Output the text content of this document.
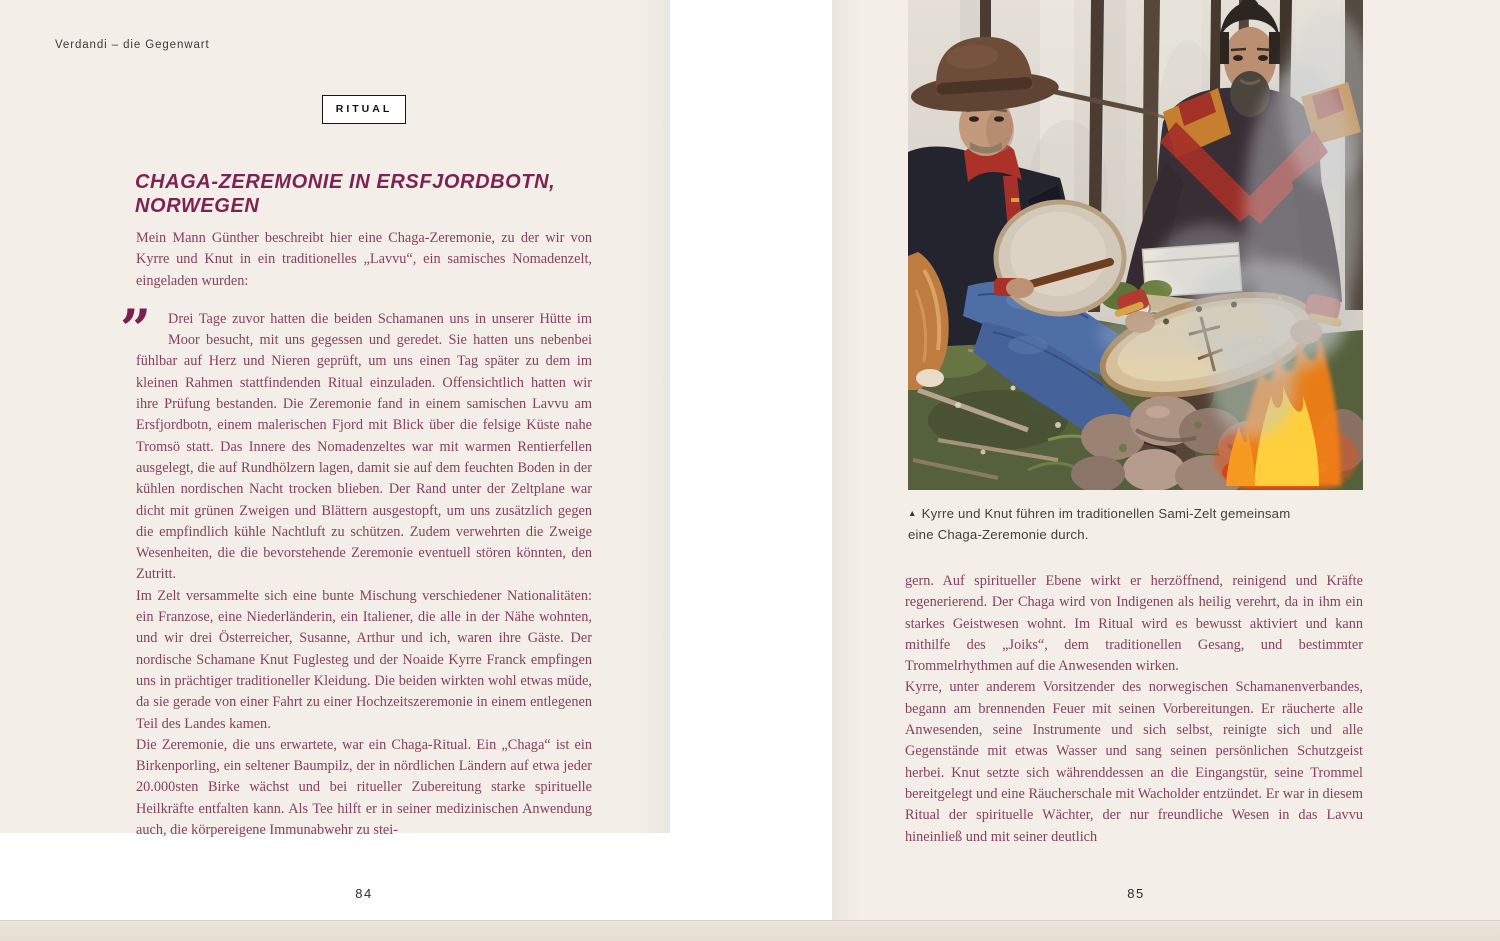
Verdandi – die Gegenwart
RITUAL
CHAGA-ZEREMONIE IN ERSFJORDBOTN, NORWEGEN

Mein Mann Günther beschreibt hier eine Chaga-Zeremonie, zu der wir von Kyrre und Knut in ein traditionelles „Lavvu“, ein samisches Nomadenzelt, eingeladen wurden:

”	Drei Tage zuvor hatten die beiden Schamanen uns in unserer Hütte im Moor besucht, mit uns gegessen und geredet. Sie hatten uns nebenbei fühlbar auf Herz und Nieren geprüft, um uns einen Tag später zu dem im kleinen Rahmen stattfindenden Ritual einzuladen. Offensichtlich hatten wir ihre Prüfung bestanden. Die Zeremonie fand in einem samischen Lavvu am Ersfjordbotn, einem malerischen Fjord mit Blick über die felsige Küste nahe Tromsö statt. Das Innere des Nomadenzeltes war mit warmen Rentierfellen ausgelegt, die auf Rundhölzern lagen, damit sie auf dem feuchten Boden in der kühlen nordischen Nacht trocken blieben. Der Rand unter der Zeltplane war dicht mit grünen Zweigen und Blättern ausgestopft, um uns zusätzlich gegen die empfindlich kühle Nachtluft zu schützen. Zudem verwehrten die Zweige Wesenheiten, die die bevorstehende Zeremonie eventuell stören könnten, den Zutritt.

Im Zelt versammelte sich eine bunte Mischung verschiedener Nationalitäten: ein Franzose, eine Niederländerin, ein Italiener, die alle in der Nähe wohnten, und wir drei Österreicher, Susanne, Arthur und ich, waren ihre Gäste. Der nordische Schamane Knut Fuglesteg und der Noaide Kyrre Franck empfingen uns in prächtiger traditioneller Kleidung. Die beiden wirkten wohl etwas müde, da sie gerade von einer Fahrt zu einer Hochzeitszeremonie in einem entlegenen Teil des Landes kamen.

Die Zeremonie, die uns erwartete, war ein Chaga-Ritual. Ein „Chaga“ ist ein Birkenporling, ein seltener Baumpilz, der in nördlichen Ländern auf etwa jeder 20.000sten Birke wächst und bei ritueller Zubereitung starke spirituelle Heilkräfte entfalten kann. Als Tee hilft er in seiner medizinischen Anwendung auch, die körpereigene Immunabwehr zu stei-

84
▲ Kyrre und Knut führen im traditionellen Sami-Zelt gemeinsam
eine Chaga-Zeremonie durch.

gern. Auf spiritueller Ebene wirkt er herzöffnend, reinigend und Kräfte regenerierend. Der Chaga wird von Indigenen als heilig verehrt, da in ihm ein starkes Geistwesen wohnt. Im Ritual wird es bewusst aktiviert und kann mithilfe des „Joiks“, dem traditionellen Gesang, und bestimmter Trommelrhythmen auf die Anwesenden wirken.

Kyrre, unter anderem Vorsitzender des norwegischen Schamanenverbandes, begann am brennenden Feuer mit seinen Vorbereitungen. Er räucherte alle Anwesenden, seine Instrumente und sich selbst, reinigte sich und alle Gegenstände mit etwas Wasser und sang seinen persönlichen Schutzgeist herbei. Knut setzte sich währenddessen an die Eingangstür, seine Trommel bereitgelegt und eine Räucherschale mit Wacholder entzündet. Er war in diesem Ritual der spirituelle Wächter, der nur freundliche Wesen in das Lavvu hineinließ und mit seiner deutlich

85
